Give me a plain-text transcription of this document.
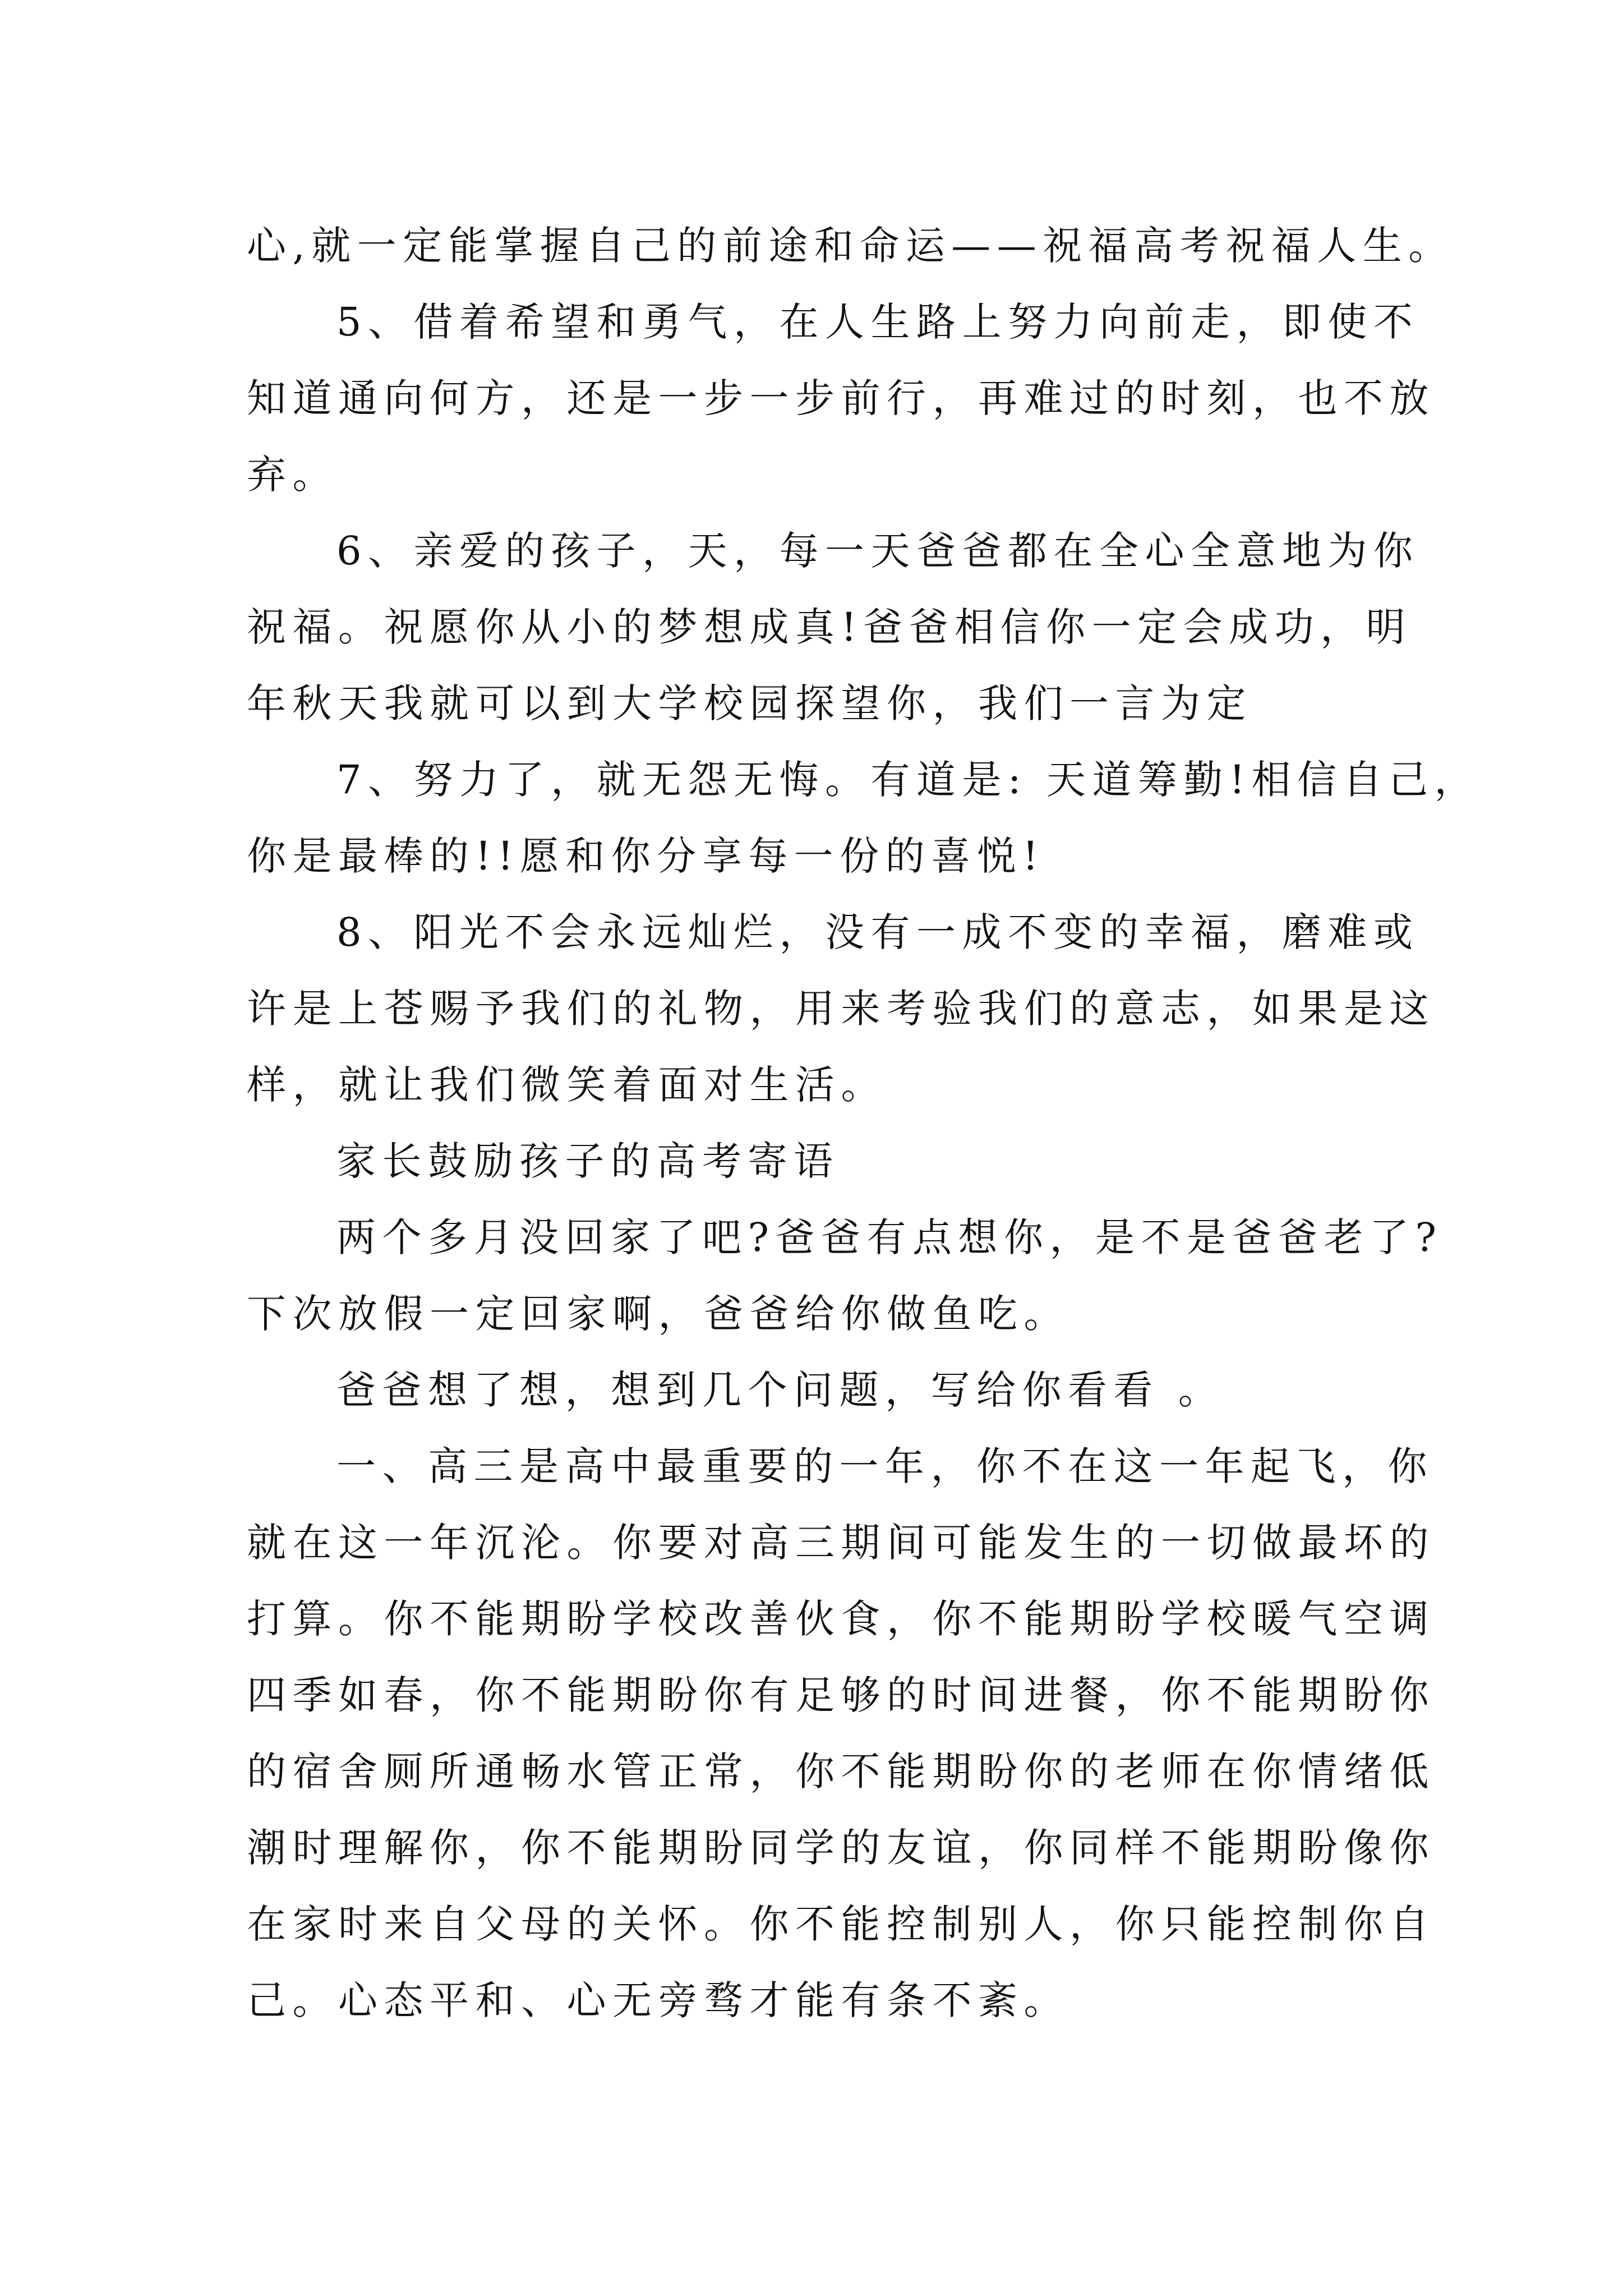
心,就一定能掌握自己的前途和命运——祝福高考祝福人生。
5、借着希望和勇气，在人生路上努力向前走，即使不
知道通向何方，还是一步一步前行，再难过的时刻，也不放
弃。
6、亲爱的孩子，天，每一天爸爸都在全心全意地为你
祝福。祝愿你从小的梦想成真!爸爸相信你一定会成功，明
年秋天我就可以到大学校园探望你，我们一言为定
7、努力了，就无怨无悔。有道是: 天道筹勤!相信自己，
你是最棒的!!愿和你分享每一份的喜悦!
8、阳光不会永远灿烂，没有一成不变的幸福，磨难或
许是上苍赐予我们的礼物，用来考验我们的意志，如果是这
样，就让我们微笑着面对生活。
家长鼓励孩子的高考寄语
两个多月没回家了吧?爸爸有点想你，是不是爸爸老了?
下次放假一定回家啊，爸爸给你做鱼吃。
爸爸想了想，想到几个问题，写给你看看 。
一、高三是高中最重要的一年，你不在这一年起飞，你
就在这一年沉沦。你要对高三期间可能发生的一切做最坏的
打算。你不能期盼学校改善伙食，你不能期盼学校暖气空调
四季如春，你不能期盼你有足够的时间进餐，你不能期盼你
的宿舍厕所通畅水管正常，你不能期盼你的老师在你情绪低
潮时理解你，你不能期盼同学的友谊，你同样不能期盼像你
在家时来自父母的关怀。你不能控制别人，你只能控制你自
己。心态平和、心无旁骛才能有条不紊。
